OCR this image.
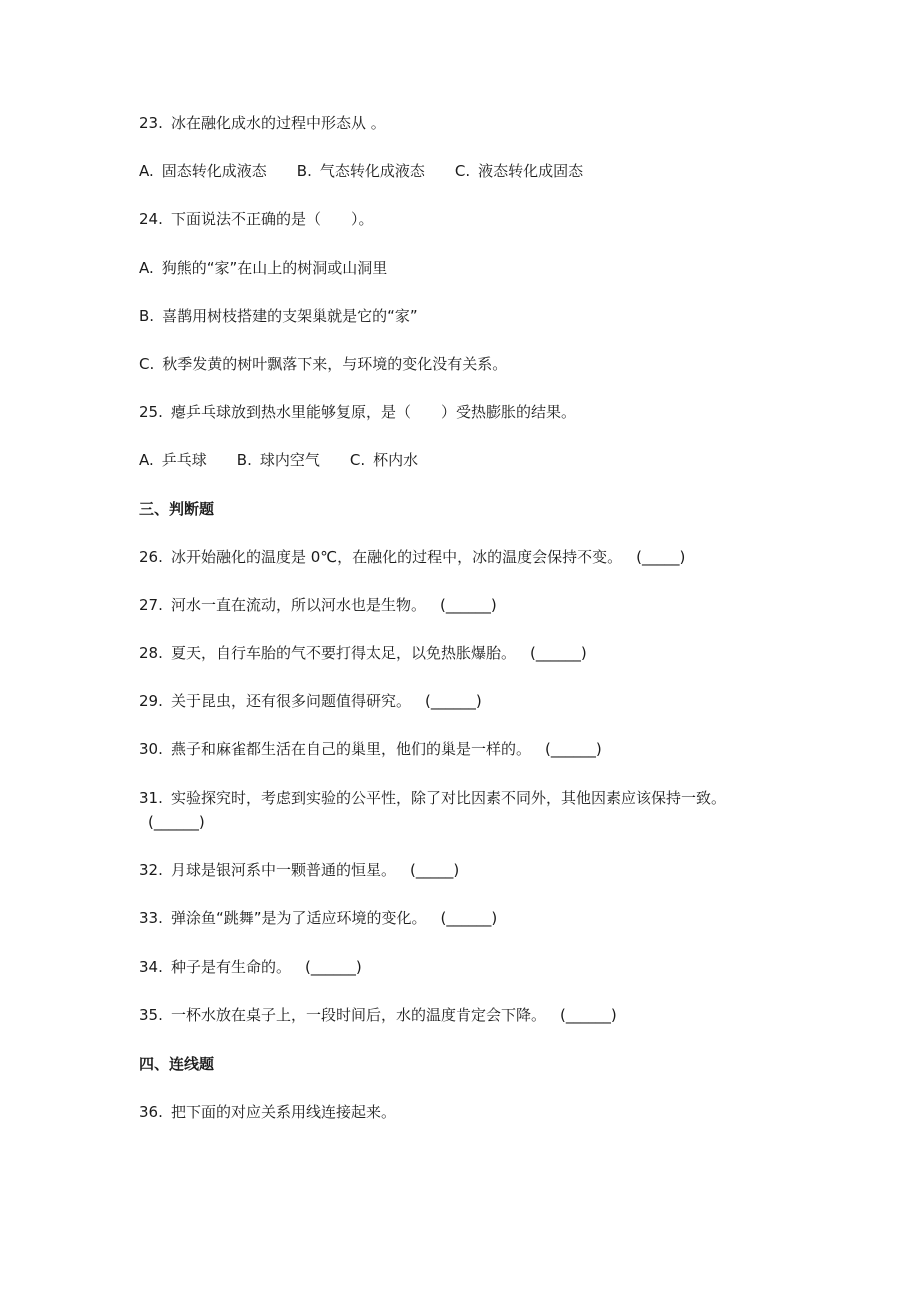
23. 冰在融化成水的过程中形态从 。
A. 固态转化成液态 B. 气态转化成液态 C. 液态转化成固态
24. 下面说法不正确的是（　　）。
A. 狗熊的“家”在山上的树洞或山洞里
B. 喜鹊用树枝搭建的支架巢就是它的“家”
C. 秋季发黄的树叶飘落下来，与环境的变化没有关系。
25. 瘪乒乓球放到热水里能够复原，是（　　）受热膨胀的结果。
A. 乒乓球 B. 球内空气 C. 杯内水
三、判断题
26. 冰开始融化的温度是 0℃，在融化的过程中，冰的温度会保持不变。 (_____)
27. 河水一直在流动，所以河水也是生物。 (______)
28. 夏天，自行车胎的气不要打得太足，以免热胀爆胎。 (______)
29. 关于昆虫，还有很多问题值得研究。 (______)
30. 燕子和麻雀都生活在自己的巢里，他们的巢是一样的。 (______)
31. 实验探究时，考虑到实验的公平性，除了对比因素不同外，其他因素应该保持一致。
(______)
32. 月球是银河系中一颗普通的恒星。 (_____)
33. 弹涂鱼“跳舞”是为了适应环境的变化。 (______)
34. 种子是有生命的。 (______)
35. 一杯水放在桌子上，一段时间后，水的温度肯定会下降。 (______)
四、连线题
36. 把下面的对应关系用线连接起来。
